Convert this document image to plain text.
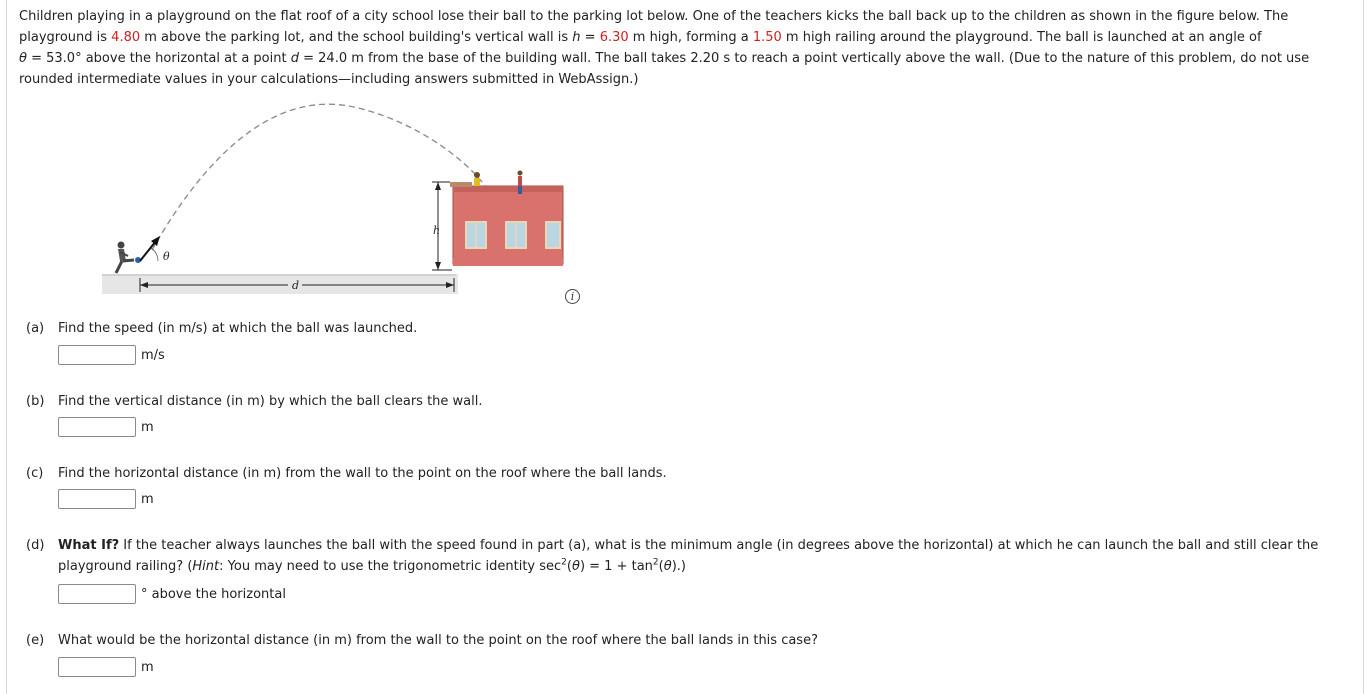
Children playing in a playground on the flat roof of a city school lose their ball to the parking lot below. One of the teachers kicks the ball back up to the children as shown in the figure below. The playground is 4.80 m above the parking lot, and the school building's vertical wall is h = 6.30 m high, forming a 1.50 m high railing around the playground. The ball is launched at an angle of
θ = 53.0° above the horizontal at a point d = 24.0 m from the base of the building wall. The ball takes 2.20 s to reach a point vertically above the wall. (Due to the nature of this problem, do not use rounded intermediate values in your calculations—including answers submitted in WebAssign.)
h
d
θ
i
(a) Find the speed (in m/s) at which the ball was launched.
m/s
(b) Find the vertical distance (in m) by which the ball clears the wall.
m
(c) Find the horizontal distance (in m) from the wall to the point on the roof where the ball lands.
m
(d) What If? If the teacher always launches the ball with the speed found in part (a), what is the minimum angle (in degrees above the horizontal) at which he can launch the ball and still clear the playground railing? (Hint: You may need to use the trigonometric identity $\sec^2(\theta) = 1 + \tan^2(\theta)$.)
° above the horizontal
(e) What would be the horizontal distance (in m) from the wall to the point on the roof where the ball lands in this case?
m
